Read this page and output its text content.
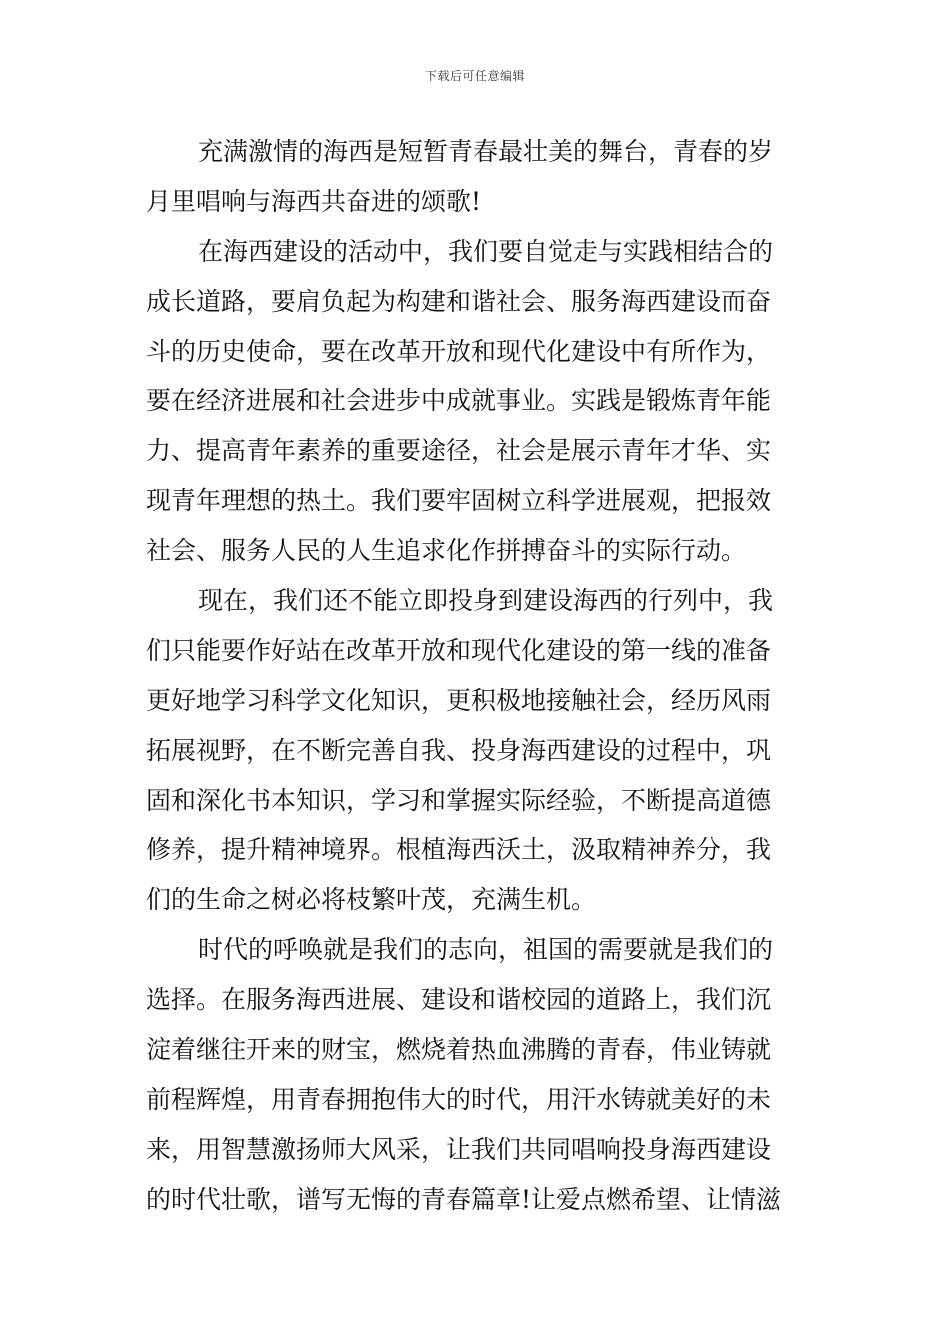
下载后可任意编辑
充满激情的海西是短暂青春最壮美的舞台，青春的岁
月里唱响与海西共奋进的颂歌!
在海西建设的活动中，我们要自觉走与实践相结合的
成长道路，要肩负起为构建和谐社会、服务海西建设而奋
斗的历史使命，要在改革开放和现代化建设中有所作为，
要在经济进展和社会进步中成就事业。实践是锻炼青年能
力、提高青年素养的重要途径，社会是展示青年才华、实
现青年理想的热土。我们要牢固树立科学进展观，把报效
社会、服务人民的人生追求化作拼搏奋斗的实际行动。
现在，我们还不能立即投身到建设海西的行列中，我
们只能要作好站在改革开放和现代化建设的第一线的准备
更好地学习科学文化知识，更积极地接触社会，经历风雨
拓展视野，在不断完善自我、投身海西建设的过程中，巩
固和深化书本知识，学习和掌握实际经验，不断提高道德
修养，提升精神境界。根植海西沃土，汲取精神养分，我
们的生命之树必将枝繁叶茂，充满生机。
时代的呼唤就是我们的志向，祖国的需要就是我们的
选择。在服务海西进展、建设和谐校园的道路上，我们沉
淀着继往开来的财宝，燃烧着热血沸腾的青春，伟业铸就
前程辉煌，用青春拥抱伟大的时代，用汗水铸就美好的未
来，用智慧激扬师大风采，让我们共同唱响投身海西建设
的时代壮歌，谱写无悔的青春篇章!让爱点燃希望、让情滋
